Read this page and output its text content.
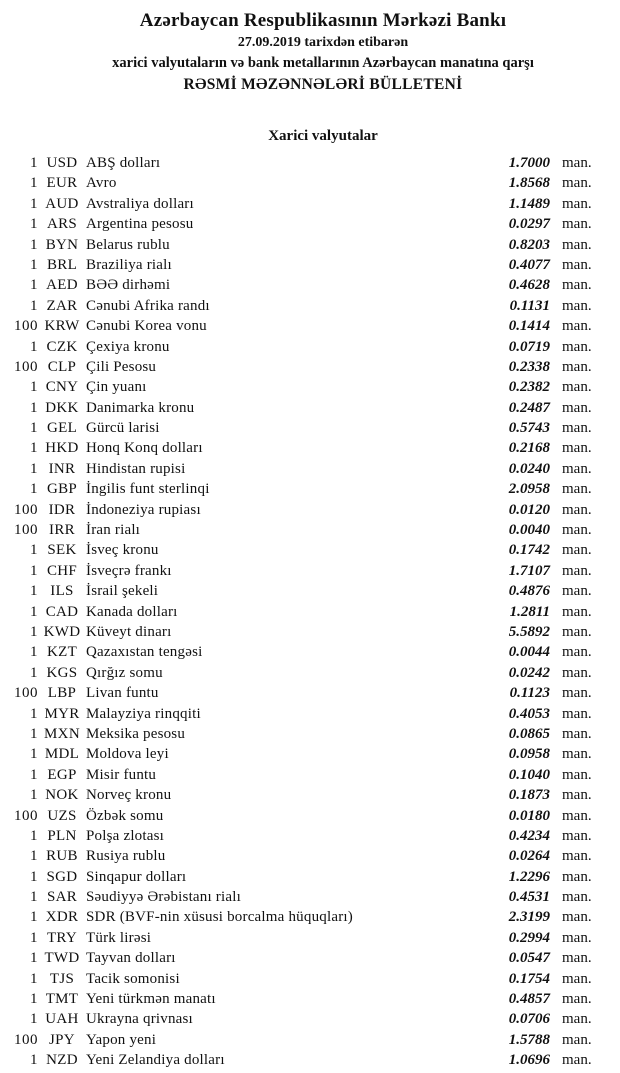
Azərbaycan Respublikasının Mərkəzi Bankı
27.09.2019 tarixdən etibarən
xarici valyutaların və bank metallarının Azərbaycan manatına qarşı
RƏSMİ MƏZƏNNƏLƏRİ BÜLLETENİ
Xarici valyutalar
1 USD ABŞ dolları	1.7000 man.
1 EUR Avro	1.8568 man.
1 AUD Avstraliya dolları	1.1489 man.
1 ARS Argentina pesosu	0.0297 man.
1 BYN Belarus rublu	0.8203 man.
1 BRL Braziliya rialı	0.4077 man.
1 AED BƏƏ dirhəmi	0.4628 man.
1 ZAR Cənubi Afrika randı	0.1131 man.
100 KRW Cənubi Korea vonu	0.1414 man.
1 CZK Çexiya kronu	0.0719 man.
100 CLP Çili Pesosu	0.2338 man.
1 CNY Çin yuanı	0.2382 man.
1 DKK Danimarka kronu	0.2487 man.
1 GEL Gürcü larisi	0.5743 man.
1 HKD Honq Konq dolları	0.2168 man.
1 INR Hindistan rupisi	0.0240 man.
1 GBP İngilis funt sterlinqi	2.0958 man.
100 IDR İndoneziya rupiası	0.0120 man.
100 IRR İran rialı	0.0040 man.
1 SEK İsveç kronu	0.1742 man.
1 CHF İsveçrə frankı	1.7107 man.
1 ILS İsrail şekeli	0.4876 man.
1 CAD Kanada dolları	1.2811 man.
1 KWD Küveyt dinarı	5.5892 man.
1 KZT Qazaxıstan tengəsi	0.0044 man.
1 KGS Qırğız somu	0.0242 man.
100 LBP Livan funtu	0.1123 man.
1 MYR Malayziya rinqqiti	0.4053 man.
1 MXN Meksika pesosu	0.0865 man.
1 MDL Moldova leyi	0.0958 man.
1 EGP Misir funtu	0.1040 man.
1 NOK Norveç kronu	0.1873 man.
100 UZS Özbək somu	0.0180 man.
1 PLN Polşa zlotası	0.4234 man.
1 RUB Rusiya rublu	0.0264 man.
1 SGD Sinqapur dolları	1.2296 man.
1 SAR Səudiyyə Ərəbistanı rialı	0.4531 man.
1 XDR SDR (BVF-nin xüsusi borcalma hüquqları)	2.3199 man.
1 TRY Türk lirəsi	0.2994 man.
1 TWD Tayvan dolları	0.0547 man.
1 TJS Tacik somonisi	0.1754 man.
1 TMT Yeni türkmən manatı	0.4857 man.
1 UAH Ukrayna qrivnası	0.0706 man.
100 JPY Yapon yeni	1.5788 man.
1 NZD Yeni Zelandiya dolları	1.0696 man.
